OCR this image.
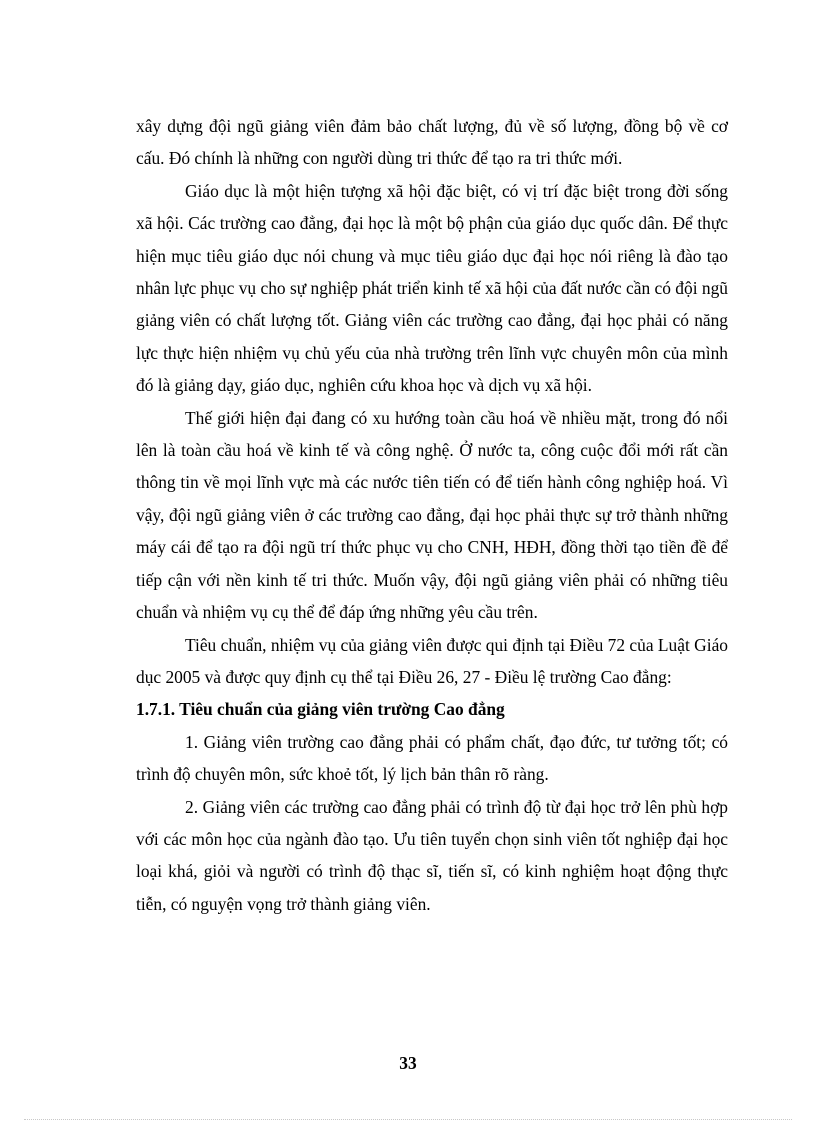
xây dựng đội ngũ giảng viên đảm bảo chất lượng, đủ về số lượng, đồng bộ về cơ cấu. Đó chính là những con người dùng tri thức để tạo ra tri thức mới.

Giáo dục là một hiện tượng xã hội đặc biệt, có vị trí đặc biệt trong đời sống xã hội. Các trường cao đẳng, đại học là một bộ phận của giáo dục quốc dân. Để thực hiện mục tiêu giáo dục nói chung và mục tiêu giáo dục đại học nói riêng là đào tạo nhân lực phục vụ cho sự nghiệp phát triển kinh tế xã hội của đất nước cần có đội ngũ giảng viên có chất lượng tốt. Giảng viên các trường cao đẳng, đại học phải có năng lực thực hiện nhiệm vụ chủ yếu của nhà trường trên lĩnh vực chuyên môn của mình đó là giảng dạy, giáo dục, nghiên cứu khoa học và dịch vụ xã hội.

Thế giới hiện đại đang có xu hướng toàn cầu hoá về nhiều mặt, trong đó nổi lên là toàn cầu hoá về kinh tế và công nghệ. Ở nước ta, công cuộc đổi mới rất cần thông tin về mọi lĩnh vực mà các nước tiên tiến có để tiến hành công nghiệp hoá. Vì vậy, đội ngũ giảng viên ở các trường cao đẳng, đại học phải thực sự trở thành những máy cái để tạo ra đội ngũ trí thức phục vụ cho CNH, HĐH, đồng thời tạo tiền đề để tiếp cận với nền kinh tế tri thức. Muốn vậy, đội ngũ giảng viên phải có những tiêu chuẩn và nhiệm vụ cụ thể để đáp ứng những yêu cầu trên.

Tiêu chuẩn, nhiệm vụ của giảng viên được qui định tại Điều 72 của Luật Giáo dục 2005 và được quy định cụ thể tại Điều 26, 27 - Điều lệ trường Cao đẳng:

1.7.1. Tiêu chuẩn của giảng viên trường Cao đẳng

1. Giảng viên trường cao đẳng phải có phẩm chất, đạo đức, tư tưởng tốt; có trình độ chuyên môn, sức khoẻ tốt, lý lịch bản thân rõ ràng.

2. Giảng viên các trường cao đẳng phải có trình độ từ đại học trở lên phù hợp với các môn học của ngành đào tạo. Ưu tiên tuyển chọn sinh viên tốt nghiệp đại học loại khá, giỏi và người có trình độ thạc sĩ, tiến sĩ, có kinh nghiệm hoạt động thực tiễn, có nguyện vọng trở thành giảng viên.

33
